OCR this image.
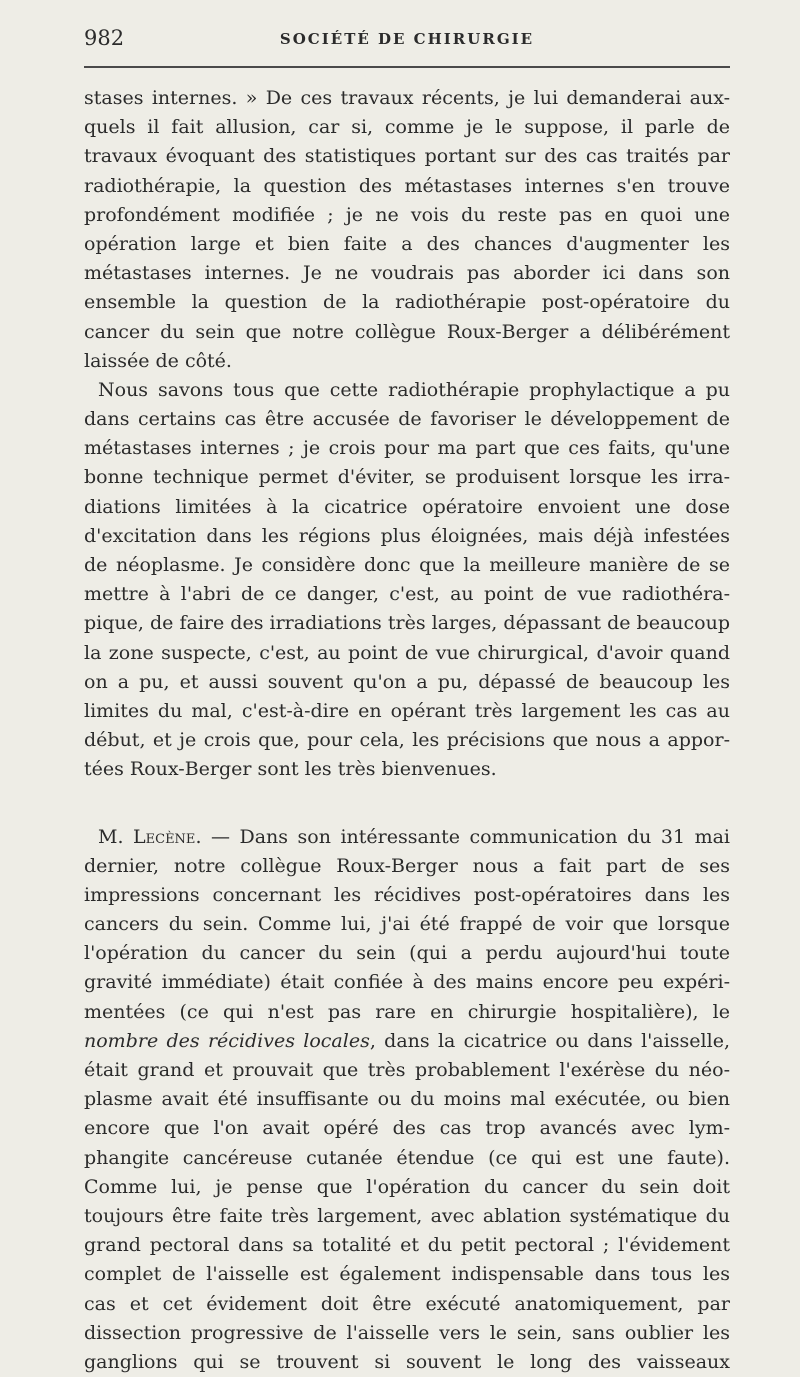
982	SOCIÉTÉ DE CHIRURGIE
stases internes. » De ces travaux récents, je lui demanderai aux-
quels il fait allusion, car si, comme je le suppose, il parle de
travaux évoquant des statistiques portant sur des cas traités par
radiothérapie, la question des métastases internes s'en trouve
profondément modifiée ; je ne vois du reste pas en quoi une
opération large et bien faite a des chances d'augmenter les
métastases internes. Je ne voudrais pas aborder ici dans son
ensemble la question de la radiothérapie post-opératoire du
cancer du sein que notre collègue Roux-Berger a délibérément
laissée de côté.
Nous savons tous que cette radiothérapie prophylactique a pu
dans certains cas être accusée de favoriser le développement de
métastases internes ; je crois pour ma part que ces faits, qu'une
bonne technique permet d'éviter, se produisent lorsque les irra-
diations limitées à la cicatrice opératoire envoient une dose
d'excitation dans les régions plus éloignées, mais déjà infestées
de néoplasme. Je considère donc que la meilleure manière de se
mettre à l'abri de ce danger, c'est, au point de vue radiothéra-
pique, de faire des irradiations très larges, dépassant de beaucoup
la zone suspecte, c'est, au point de vue chirurgical, d'avoir quand
on a pu, et aussi souvent qu'on a pu, dépassé de beaucoup les
limites du mal, c'est-à-dire en opérant très largement les cas au
début, et je crois que, pour cela, les précisions que nous a appor-
tées Roux-Berger sont les très bienvenues.
M. Lecène. — Dans son intéressante communication du 31 mai
dernier, notre collègue Roux-Berger nous a fait part de ses
impressions concernant les récidives post-opératoires dans les
cancers du sein. Comme lui, j'ai été frappé de voir que lorsque
l'opération du cancer du sein (qui a perdu aujourd'hui toute
gravité immédiate) était confiée à des mains encore peu expéri-
mentées (ce qui n'est pas rare en chirurgie hospitalière), le
nombre des récidives locales, dans la cicatrice ou dans l'aisselle,
était grand et prouvait que très probablement l'exérèse du néo-
plasme avait été insuffisante ou du moins mal exécutée, ou bien
encore que l'on avait opéré des cas trop avancés avec lym-
phangite cancéreuse cutanée étendue (ce qui est une faute).
Comme lui, je pense que l'opération du cancer du sein doit
toujours être faite très largement, avec ablation systématique du
grand pectoral dans sa totalité et du petit pectoral ; l'évidement
complet de l'aisselle est également indispensable dans tous les
cas et cet évidement doit être exécuté anatomiquement, par
dissection progressive de l'aisselle vers le sein, sans oublier les
ganglions qui se trouvent si souvent le long des vaisseaux
